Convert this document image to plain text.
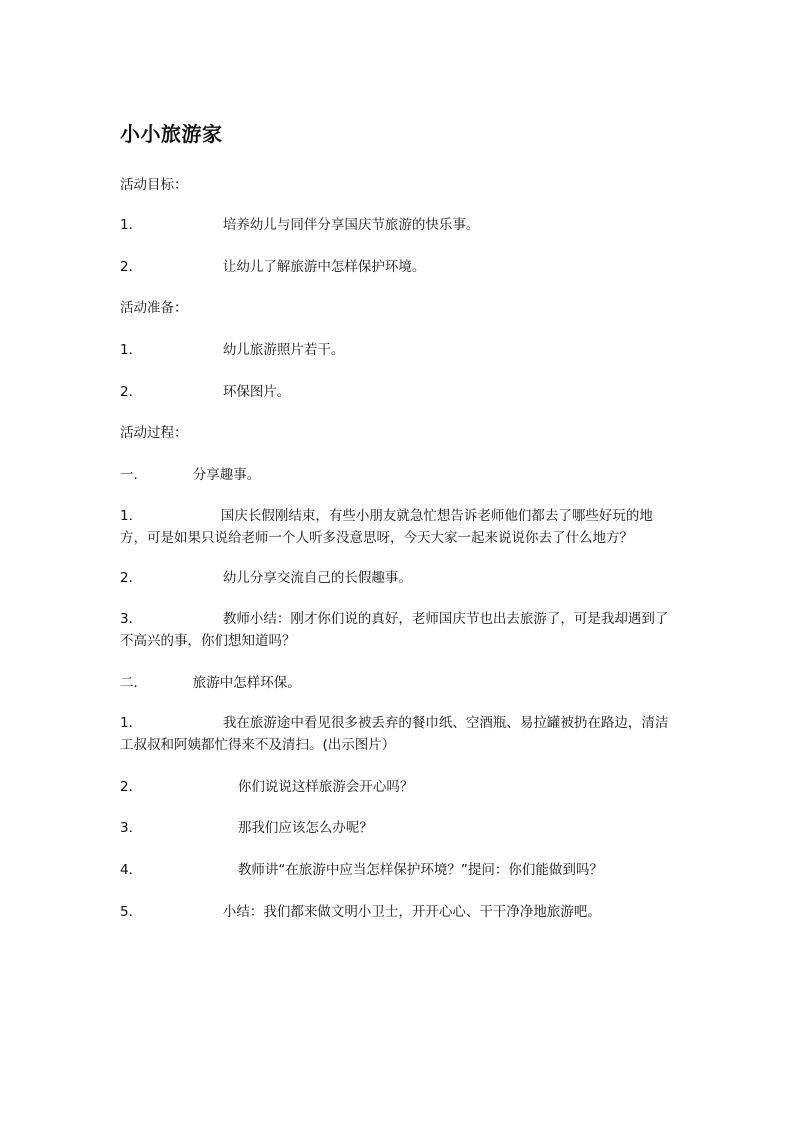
小小旅游家
活动目标：
1.	培养幼儿与同伴分享国庆节旅游的快乐事。
2.	让幼儿了解旅游中怎样保护环境。
活动准备：
1.	幼儿旅游照片若干。
2.	环保图片。
活动过程：
一.	分享趣事。
1.	国庆长假刚结束，有些小朋友就急忙想告诉老师他们都去了哪些好玩的地方，可是如果只说给老师一个人听多没意思呀，今天大家一起来说说你去了什么地方？
2.	幼儿分享交流自己的长假趣事。
3.	教师小结：刚才你们说的真好，老师国庆节也出去旅游了，可是我却遇到了不高兴的事，你们想知道吗？
二.	旅游中怎样环保。
1.	我在旅游途中看见很多被丢弃的餐巾纸、空酒瓶、易拉罐被扔在路边，清洁工叔叔和阿姨都忙得来不及清扫。(出示图片）
2.	你们说说这样旅游会开心吗？
3.	那我们应该怎么办呢？
4.	教师讲“在旅游中应当怎样保护环境？”提问：你们能做到吗？
5.	小结：我们都来做文明小卫士，开开心心、干干净净地旅游吧。
